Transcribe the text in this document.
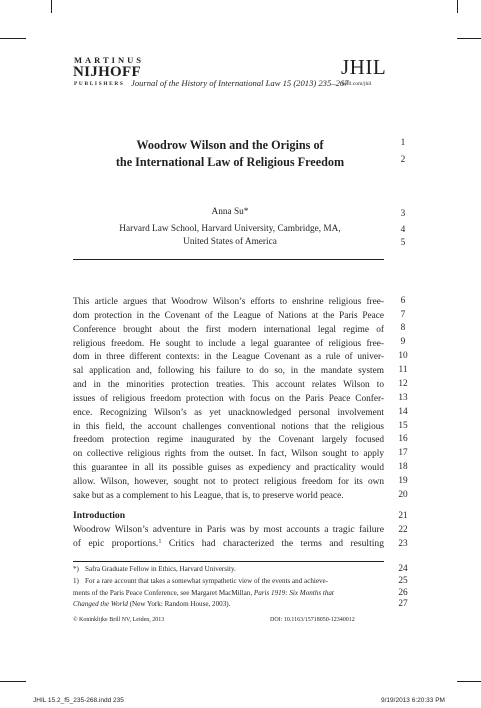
MARTINUS
NIJHOFF
PUBLISHERS Journal of the History of International Law 15 (2013) 235–267
JHIL
brill.com/jhil
Woodrow Wilson and the Origins of
the International Law of Religious Freedom
Anna Su*
Harvard Law School, Harvard University, Cambridge, MA,
United States of America
1
2
3
4
5
6
7
8
9
10
11
12
13
14
15
16
17
18
19
20
21
22
23
24
25
26
27
This article argues that Woodrow Wilson’s efforts to enshrine religious free-
dom protection in the Covenant of the League of Nations at the Paris Peace
Conference brought about the first modern international legal regime of
religious freedom. He sought to include a legal guarantee of religious free-
dom in three different contexts: in the League Covenant as a rule of univer-
sal application and, following his failure to do so, in the mandate system
and in the minorities protection treaties. This account relates Wilson to
issues of religious freedom protection with focus on the Paris Peace Confer-
ence. Recognizing Wilson’s as yet unacknowledged personal involvement
in this field, the account challenges conventional notions that the religious
freedom protection regime inaugurated by the Covenant largely focused
on collective religious rights from the outset. In fact, Wilson sought to apply
this guarantee in all its possible guises as expediency and practicality would
allow. Wilson, however, sought not to protect religious freedom for its own
sake but as a complement to his League, that is, to preserve world peace.
Introduction
Woodrow Wilson’s adventure in Paris was by most accounts a tragic failure
of epic proportions.$^1$ Critics had characterized the terms and resulting
*) Safra Graduate Fellow in Ethics, Harvard University.
1) For a rare account that takes a somewhat sympathetic view of the events and achieve-
ments of the Paris Peace Conference, see Margaret MacMillan, Paris 1919: Six Months that
Changed the World (New York: Random House, 2003).
© Koninklijke Brill NV, Leiden, 2013	DOI: 10.1163/15718050-12340012
JHIL 15.2_f5_235-268.indd 235	9/19/2013 6:20:33 PM
